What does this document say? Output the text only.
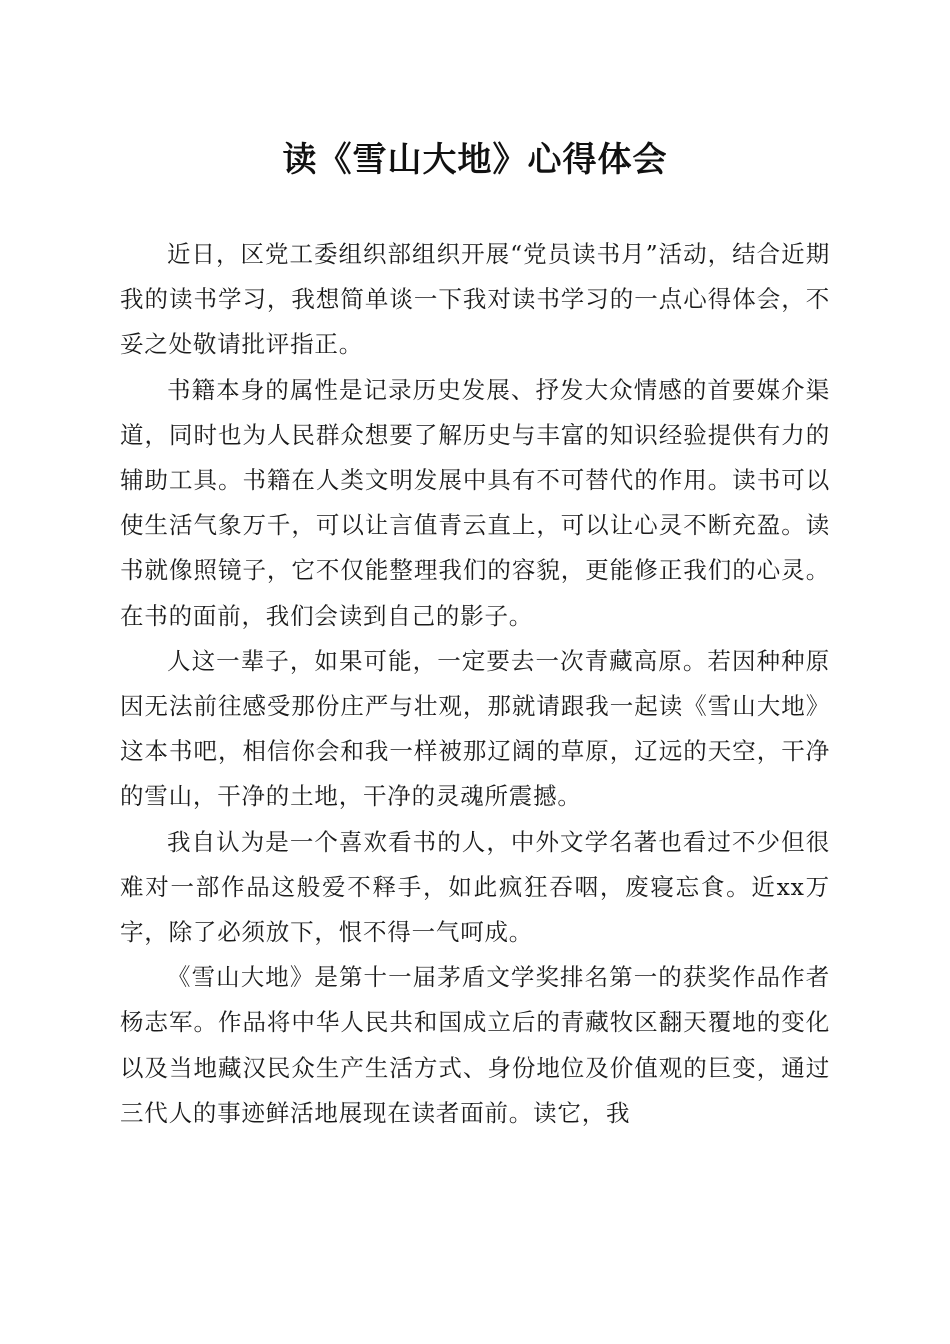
读《雪山大地》心得体会

近日，区党工委组织部组织开展“党员读书月”活动，结合近期我的读书学习，我想简单谈一下我对读书学习的一点心得体会，不妥之处敬请批评指正。

书籍本身的属性是记录历史发展、抒发大众情感的首要媒介渠道，同时也为人民群众想要了解历史与丰富的知识经验提供有力的辅助工具。书籍在人类文明发展中具有不可替代的作用。读书可以使生活气象万千，可以让言值青云直上，可以让心灵不断充盈。读书就像照镜子，它不仅能整理我们的容貌，更能修正我们的心灵。在书的面前，我们会读到自己的影子。

人这一辈子，如果可能，一定要去一次青藏高原。若因种种原因无法前往感受那份庄严与壮观，那就请跟我一起读《雪山大地》这本书吧，相信你会和我一样被那辽阔的草原，辽远的天空，干净的雪山，干净的土地，干净的灵魂所震撼。

我自认为是一个喜欢看书的人，中外文学名著也看过不少但很难对一部作品这般爱不释手，如此疯狂吞咽，废寝忘食。近xx万字，除了必须放下，恨不得一气呵成。

《雪山大地》是第十一届茅盾文学奖排名第一的获奖作品作者杨志军。作品将中华人民共和国成立后的青藏牧区翻天覆地的变化以及当地藏汉民众生产生活方式、身份地位及价值观的巨变，通过三代人的事迹鲜活地展现在读者面前。读它，我
